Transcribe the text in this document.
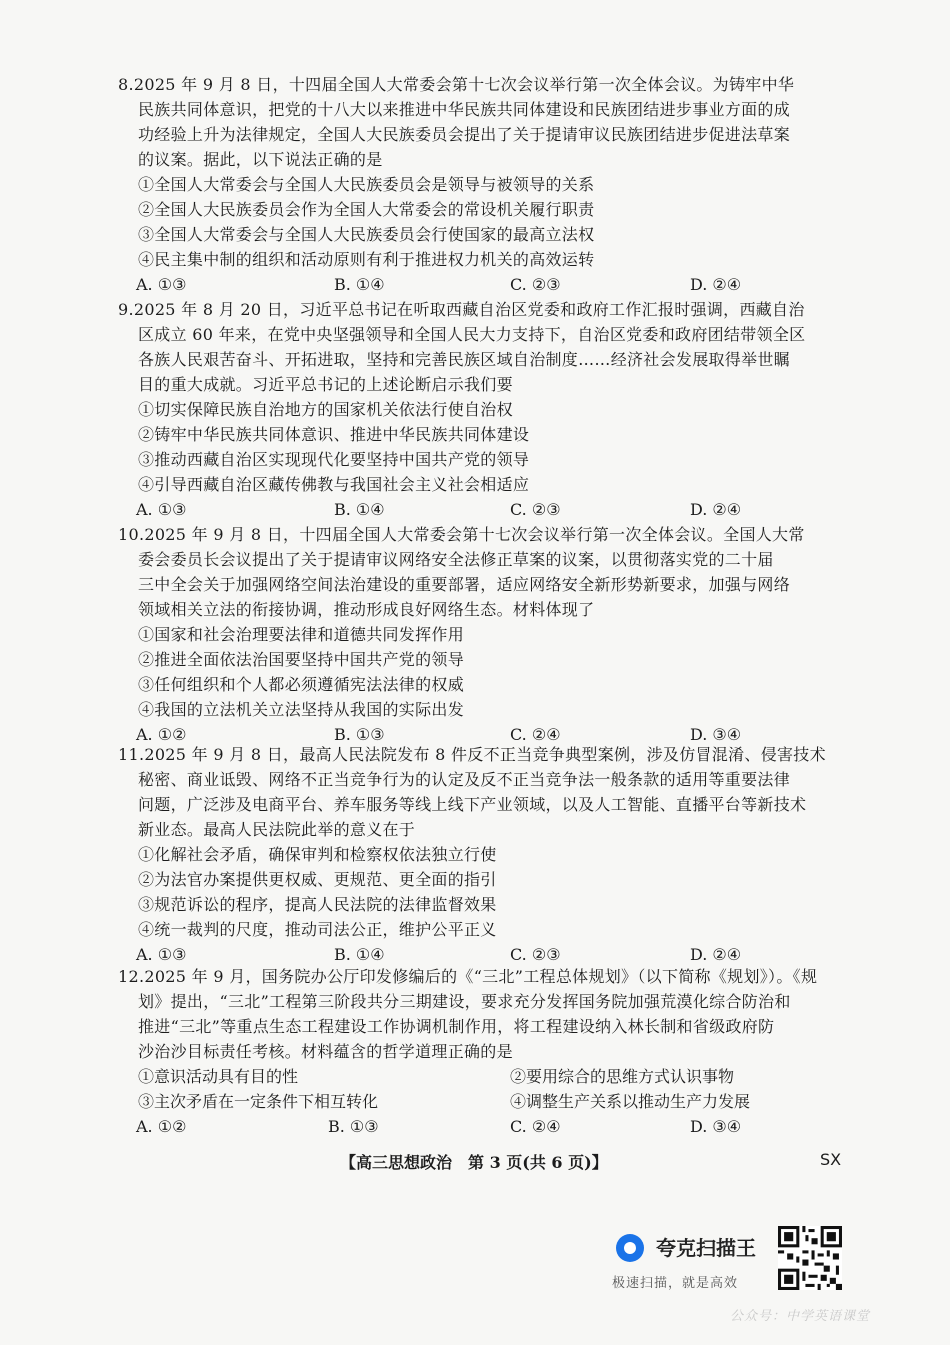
8.2025 年 9 月 8 日，十四届全国人大常委会第十七次会议举行第一次全体会议。为铸牢中华
民族共同体意识，把党的十八大以来推进中华民族共同体建设和民族团结进步事业方面的成
功经验上升为法律规定，全国人大民族委员会提出了关于提请审议民族团结进步促进法草案
的议案。据此，以下说法正确的是
①全国人大常委会与全国人大民族委员会是领导与被领导的关系
②全国人大民族委员会作为全国人大常委会的常设机关履行职责
③全国人大常委会与全国人大民族委员会行使国家的最高立法权
④民主集中制的组织和活动原则有利于推进权力机关的高效运转
A. ①③	B. ①④	C. ②③	D. ②④
9.2025 年 8 月 20 日，习近平总书记在听取西藏自治区党委和政府工作汇报时强调，西藏自治
区成立 60 年来，在党中央坚强领导和全国人民大力支持下，自治区党委和政府团结带领全区
各族人民艰苦奋斗、开拓进取，坚持和完善民族区域自治制度……经济社会发展取得举世瞩
目的重大成就。习近平总书记的上述论断启示我们要
①切实保障民族自治地方的国家机关依法行使自治权
②铸牢中华民族共同体意识、推进中华民族共同体建设
③推动西藏自治区实现现代化要坚持中国共产党的领导
④引导西藏自治区藏传佛教与我国社会主义社会相适应
A. ①③	B. ①④	C. ②③	D. ②④
10.2025 年 9 月 8 日，十四届全国人大常委会第十七次会议举行第一次全体会议。全国人大常
委会委员长会议提出了关于提请审议网络安全法修正草案的议案，以贯彻落实党的二十届
三中全会关于加强网络空间法治建设的重要部署，适应网络安全新形势新要求，加强与网络
领域相关立法的衔接协调，推动形成良好网络生态。材料体现了
①国家和社会治理要法律和道德共同发挥作用
②推进全面依法治国要坚持中国共产党的领导
③任何组织和个人都必须遵循宪法法律的权威
④我国的立法机关立法坚持从我国的实际出发
A. ①②	B. ①③	C. ②④	D. ③④
11.2025 年 9 月 8 日，最高人民法院发布 8 件反不正当竞争典型案例，涉及仿冒混淆、侵害技术
秘密、商业诋毁、网络不正当竞争行为的认定及反不正当竞争法一般条款的适用等重要法律
问题，广泛涉及电商平台、养车服务等线上线下产业领域，以及人工智能、直播平台等新技术
新业态。最高人民法院此举的意义在于
①化解社会矛盾，确保审判和检察权依法独立行使
②为法官办案提供更权威、更规范、更全面的指引
③规范诉讼的程序，提高人民法院的法律监督效果
④统一裁判的尺度，推动司法公正，维护公平正义
A. ①③	B. ①④	C. ②③	D. ②④
12.2025 年 9 月，国务院办公厅印发修编后的《“三北”工程总体规划》（以下简称《规划》）。《规
划》提出，“三北”工程第三阶段共分三期建设，要求充分发挥国务院加强荒漠化综合防治和
推进“三北”等重点生态工程建设工作协调机制作用，将工程建设纳入林长制和省级政府防
沙治沙目标责任考核。材料蕴含的哲学道理正确的是
①意识活动具有目的性	②要用综合的思维方式认识事物
③主次矛盾在一定条件下相互转化	④调整生产关系以推动生产力发展
A. ①②	B. ①③	C. ②④	D. ③④
【高三思想政治　第 3 页(共 6 页)】	SX
夸克扫描王
极速扫描，就是高效
公众号：中学英语课堂
